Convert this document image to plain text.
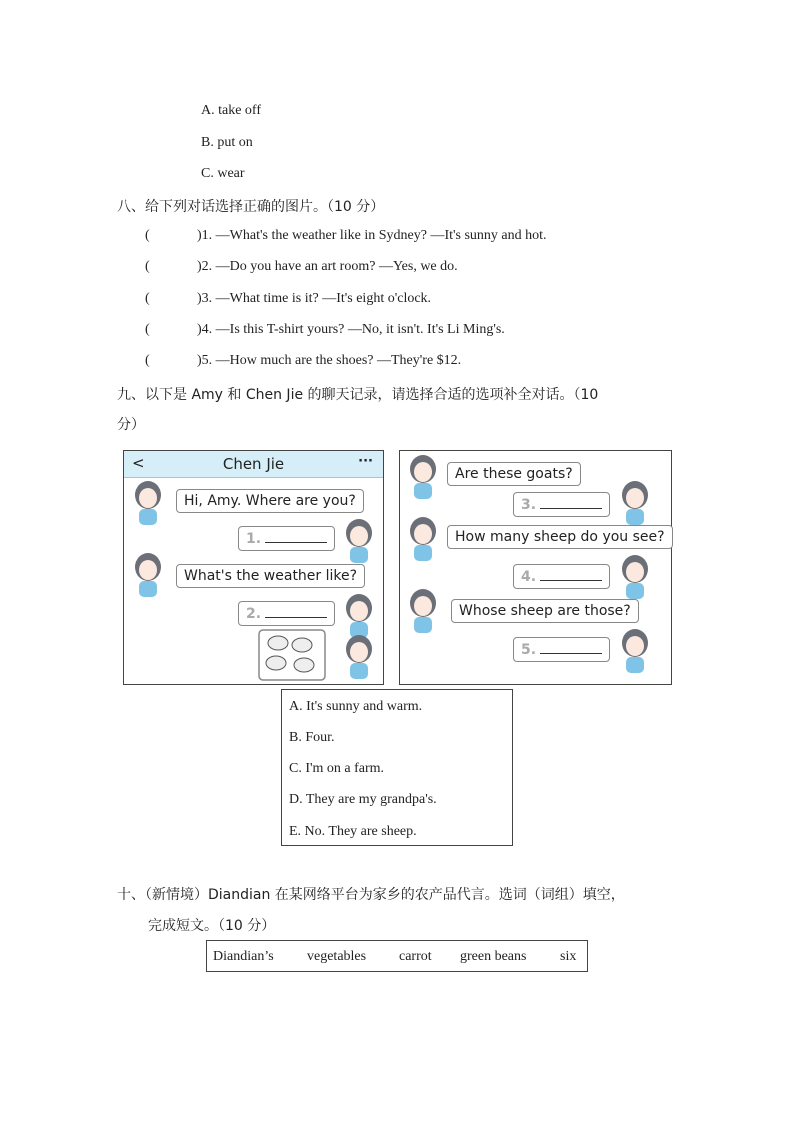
A. take off
B. put on
C. wear
八、给下列对话选择正确的图片。（10 分）
(	)1. —What's the weather like in Sydney? —It's sunny and hot.
(	)2. —Do you have an art room? —Yes, we do.
(	)3. —What time is it? —It's eight o'clock.
(	)4. —Is this T-shirt yours? —No, it isn't. It's Li Ming's.
(	)5. —How much are the shoes? —They're $12.
九、以下是 Amy 和 Chen Jie 的聊天记录，请选择合适的选项补全对话。（10
分）
<	Chen Jie	···
Hi, Amy. Where are you?
1.
What's the weather like?
2.
Are these goats?
3.
How many sheep do you see?
4.
Whose sheep are those?
5.
A. It's sunny and warm.
B. Four.
C. I'm on a farm.
D. They are my grandpa's.
E. No. They are sheep.
十、（新情境）Diandian 在某网络平台为家乡的农产品代言。选词（词组）填空，
完成短文。（10 分）
Diandian’s vegetables carrot green beans six
